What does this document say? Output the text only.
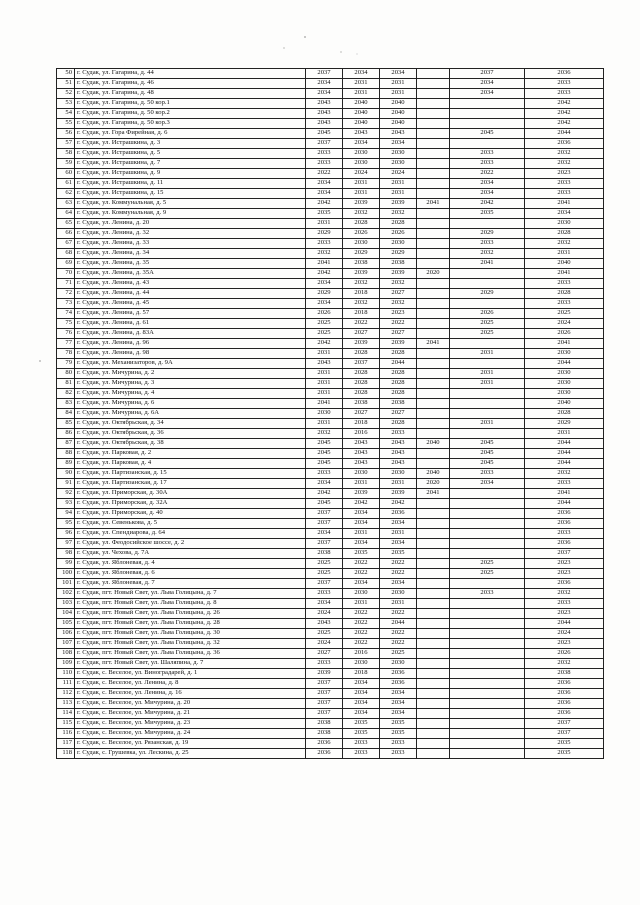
50	г. Судак, ул. Гагарина, д. 44	2037	2034	2034		2037	2036
51	г. Судак, ул. Гагарина, д. 46	2034	2031	2031		2034	2033
52	г. Судак, ул. Гагарина, д. 48	2034	2031	2031		2034	2033
53	г. Судак, ул. Гагарина, д. 50 кор.1	2043	2040	2040			2042
54	г. Судак, ул. Гагарина, д. 50 кор.2	2043	2040	2040			2042
55	г. Судак, ул. Гагарина, д. 50 кор.3	2043	2040	2040			2042
56	г. Судак, ул. Гора Фирейная, д. 6	2045	2043	2043		2045	2044
57	г. Судак, ул. Истрашкина, д. 3	2037	2034	2034			2036
58	г. Судак, ул. Истрашкина, д. 5	2033	2030	2030		2033	2032
59	г. Судак, ул. Истрашкина, д. 7	2033	2030	2030		2033	2032
60	г. Судак, ул. Истрашкина, д. 9	2022	2024	2024		2022	2023
61	г. Судак, ул. Истрашкина, д. 11	2034	2031	2031		2034	2033
62	г. Судак, ул. Истрашкина, д. 15	2034	2031	2031		2034	2033
63	г. Судак, ул. Коммунальная, д. 5	2042	2039	2039	2041	2042	2041
64	г. Судак, ул. Коммунальная, д. 9	2035	2032	2032		2035	2034
65	г. Судак, ул. Ленина, д. 20	2031	2028	2028			2030
66	г. Судак, ул. Ленина, д. 32	2029	2026	2026		2029	2028
67	г. Судак, ул. Ленина, д. 33	2033	2030	2030		2033	2032
68	г. Судак, ул. Ленина, д. 34	2032	2029	2029		2032	2031
69	г. Судак, ул. Ленина, д. 35	2041	2038	2038		2041	2040
70	г. Судак, ул. Ленина, д. 35А	2042	2039	2039	2020		2041
71	г. Судак, ул. Ленина, д. 43	2034	2032	2032			2033
72	г. Судак, ул. Ленина, д. 44	2029	2018	2027		2029	2028
73	г. Судак, ул. Ленина, д. 45	2034	2032	2032			2033
74	г. Судак, ул. Ленина, д. 57	2026	2018	2023		2026	2025
75	г. Судак, ул. Ленина, д. 61	2025	2022	2022		2025	2024
76	г. Судак, ул. Ленина, д. 83А	2025	2027	2027		2025	2026
77	г. Судак, ул. Ленина, д. 96	2042	2039	2039	2041		2041
78	г. Судак, ул. Ленина, д. 98	2031	2028	2028		2031	2030
79	г. Судак, ул. Механизаторов, д. 9А	2043	2037	2044			2044
80	г. Судак, ул. Мичурина, д. 2	2031	2028	2028		2031	2030
81	г. Судак, ул. Мичурина, д. 3	2031	2028	2028		2031	2030
82	г. Судак, ул. Мичурина, д. 4	2031	2028	2028			2030
83	г. Судак, ул. Мичурина, д. 6	2041	2038	2038			2040
84	г. Судак, ул. Мичурина, д. 6А	2030	2027	2027			2028
85	г. Судак, ул. Октябрьская, д. 34	2031	2018	2028		2031	2029
86	г. Судак, ул. Октябрьская, д. 36	2032	2016	2033			2031
87	г. Судак, ул. Октябрьская, д. 38	2045	2043	2043	2040	2045	2044
88	г. Судак, ул. Парковая, д. 2	2045	2043	2043		2045	2044
89	г. Судак, ул. Парковая, д. 4	2045	2043	2043		2045	2044
90	г. Судак, ул. Партизанская, д. 15	2033	2030	2030	2040	2033	2032
91	г. Судак, ул. Партизанская, д. 17	2034	2031	2031	2020	2034	2033
92	г. Судак, ул. Приморская, д. 30А	2042	2039	2039	2041		2041
93	г. Судак, ул. Приморская, д. 32А	2045	2042	2042			2044
94	г. Судак, ул. Приморская, д. 40	2037	2034	2036			2036
95	г. Судак, ул. Севенькова, д. 5	2037	2034	2034			2036
96	г. Судак, ул. Спендиарова, д. 64	2034	2031	2031			2033
97	г. Судак, ул. Феодосийское шоссе, д. 2	2037	2034	2034			2036
98	г. Судак, ул. Чехова, д. 7А	2038	2035	2035			2037
99	г. Судак, ул. Яблоневая, д. 4	2025	2022	2022		2025	2023
100	г. Судак, ул. Яблоневая, д. 6	2025	2022	2022		2025	2023
101	г. Судак, ул. Яблоневая, д. 7	2037	2034	2034			2036
102	г. Судак, пгт. Новый Свет, ул. Льва Голицына, д. 7	2033	2030	2030		2033	2032
103	г. Судак, пгт. Новый Свет, ул. Льва Голицына, д. 8	2034	2031	2031			2033
104	г. Судак, пгт. Новый Свет, ул. Льва Голицына, д. 26	2024	2022	2022			2023
105	г. Судак, пгт. Новый Свет, ул. Льва Голицына, д. 28	2043	2022	2044			2044
106	г. Судак, пгт. Новый Свет, ул. Льва Голицына, д. 30	2025	2022	2022			2024
107	г. Судак, пгт. Новый Свет, ул. Льва Голицына, д. 32	2024	2022	2022			2023
108	г. Судак, пгт. Новый Свет, ул. Льва Голицына, д. 36	2027	2016	2025			2026
109	г. Судак, пгт. Новый Свет, ул. Шаляпина, д. 7	2033	2030	2030			2032
110	г. Судак, с. Веселое, ул. Виноградарей, д. 1	2039	2018	2036			2038
111	г. Судак, с. Веселое, ул. Ленина, д. 8	2037	2034	2036			2036
112	г. Судак, с. Веселое, ул. Ленина, д. 16	2037	2034	2034			2036
113	г. Судак, с. Веселое, ул. Мичурина, д. 20	2037	2034	2034			2036
114	г. Судак, с. Веселое, ул. Мичурина, д. 21	2037	2034	2034			2036
115	г. Судак, с. Веселое, ул. Мичурина, д. 23	2038	2035	2035			2037
116	г. Судак, с. Веселое, ул. Мичурина, д. 24	2038	2035	2035			2037
117	г. Судак, с. Веселое, ул. Рязанская, д. 19	2036	2033	2033			2035
118	г. Судак, с. Грушевка, ул. Лескина, д. 25	2036	2033	2033			2035
